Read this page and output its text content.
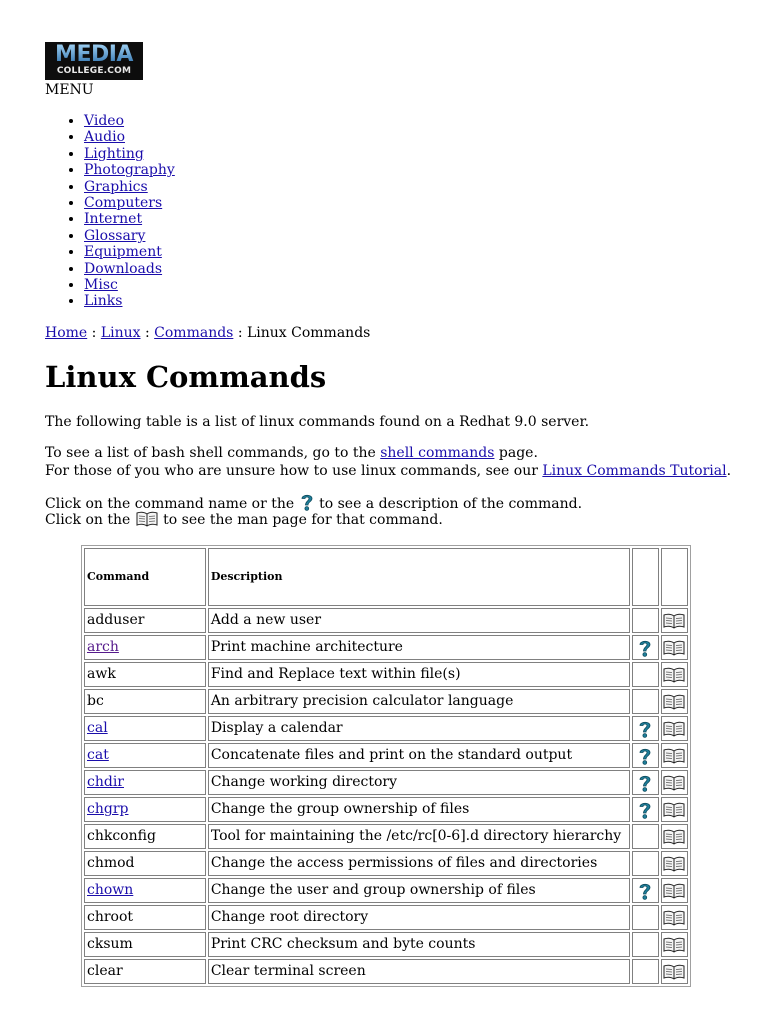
MEDIA
COLLEGE.COM
MENU
• Video
• Audio
• Lighting
• Photography
• Graphics
• Computers
• Internet
• Glossary
• Equipment
• Downloads
• Misc
• Links
Home : Linux : Commands : Linux Commands
Linux Commands
The following table is a list of linux commands found on a Redhat 9.0 server.
To see a list of bash shell commands, go to the shell commands page.
For those of you who are unsure how to use linux commands, see our Linux Commands Tutorial.
Click on the command name or the  to see a description of the command.
Click on the  to see the man page for that command.
Command	Description		
adduser	Add a new user		

arch	Print machine architecture	

awk	Find and Replace text within file(s)		

bc	An arbitrary precision calculator language		

cal	Display a calendar	

cat	Concatenate files and print on the standard output	

chdir	Change working directory	

chgrp	Change the group ownership of files	

chkconfig	Tool for maintaining the /etc/rc[0-6].d directory hierarchy		

chmod	Change the access permissions of files and directories		

chown	Change the user and group ownership of files	

chroot	Change root directory		

cksum	Print CRC checksum and byte counts		

clear	Clear terminal screen		
